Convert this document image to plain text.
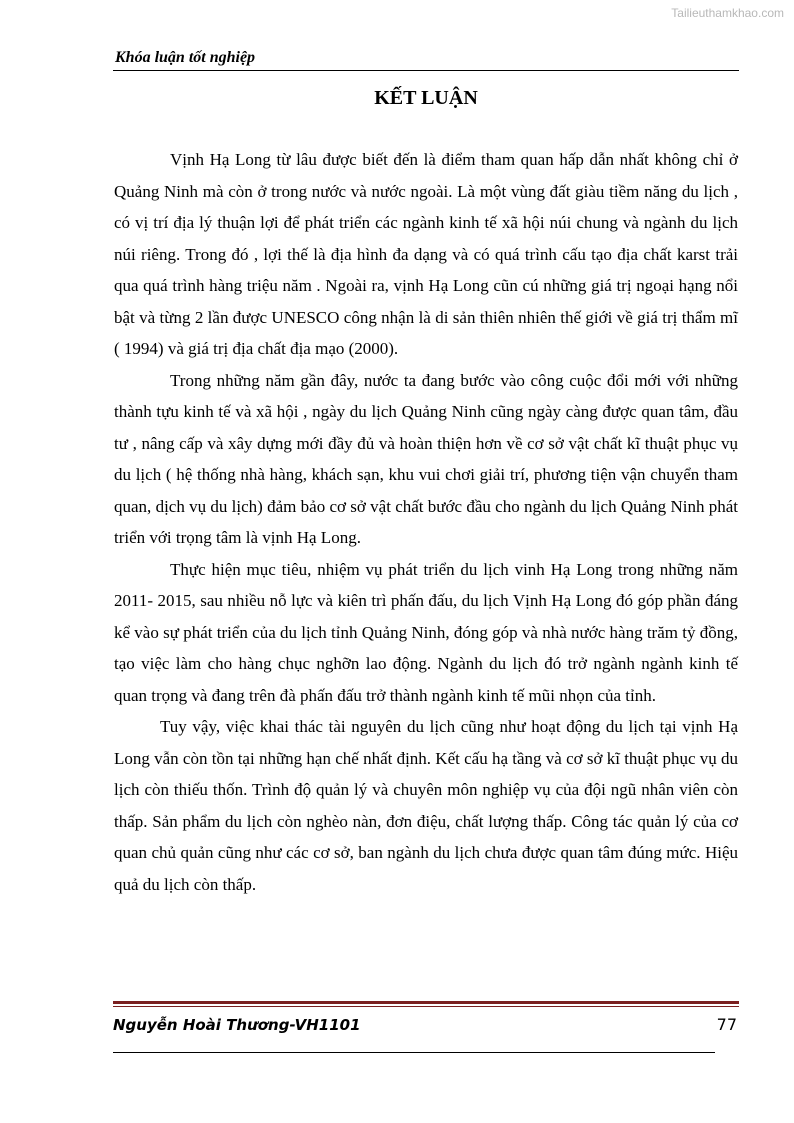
Tailieuthamkhao.com
Khóa luận tốt nghiệp
KẾT LUẬN

Vịnh Hạ Long từ lâu được biết đến là điểm tham quan hấp dẫn nhất không chỉ ở Quảng Ninh mà còn ở trong nước và nước ngoài. Là một vùng đất giàu tiềm năng du lịch , có vị trí địa lý thuận lợi để phát triển các ngành kinh tế xã hội núi chung và ngành du lịch núi riêng. Trong đó , lợi thế là địa hình đa dạng và có quá trình cấu tạo địa chất karst trải qua quá trình hàng triệu năm . Ngoài ra, vịnh Hạ Long cũn cú những giá trị ngoại hạng nổi bật và từng 2 lần được UNESCO công nhận là di sản thiên nhiên thế giới về giá trị thẩm mĩ ( 1994) và giá trị địa chất địa mạo (2000).

Trong những năm gần đây, nước ta đang bước vào công cuộc đổi mới với những thành tựu kinh tế và xã hội , ngày du lịch Quảng Ninh cũng ngày càng được quan tâm, đầu tư , nâng cấp và xây dựng mới đầy đủ và hoàn thiện hơn về cơ sở vật chất kĩ thuật phục vụ du lịch ( hệ thống nhà hàng, khách sạn, khu vui chơi giải trí, phương tiện vận chuyển tham quan, dịch vụ du lịch) đảm bảo cơ sở vật chất bước đầu cho ngành du lịch Quảng Ninh phát triển với trọng tâm là vịnh Hạ Long.

Thực hiện mục tiêu, nhiệm vụ phát triển du lịch vinh Hạ Long trong những năm 2011- 2015, sau nhiều nỗ lực và kiên trì phấn đấu, du lịch Vịnh Hạ Long đó góp phần đáng kể vào sự phát triển của du lịch tỉnh Quảng Ninh, đóng góp và nhà nước hàng trăm tỷ đồng, tạo việc làm cho hàng chục nghỡn lao động. Ngành du lịch đó trở ngành ngành kinh tế quan trọng và đang trên đà phấn đấu trở thành ngành kinh tế mũi nhọn của tỉnh.

Tuy vậy, việc khai thác tài nguyên du lịch cũng như hoạt động du lịch tại vịnh Hạ Long vẫn còn tồn tại những hạn chế nhất định. Kết cấu hạ tầng và cơ sở kĩ thuật phục vụ du lịch còn thiếu thốn. Trình độ quản lý và chuyên môn nghiệp vụ của đội ngũ nhân viên còn thấp. Sản phẩm du lịch còn nghèo nàn, đơn điệu, chất lượng thấp. Công tác quản lý của cơ quan chủ quản cũng như các cơ sở, ban ngành du lịch chưa được quan tâm đúng mức. Hiệu quả du lịch còn thấp.

Nguyễn Hoài Thương-VH1101	77
